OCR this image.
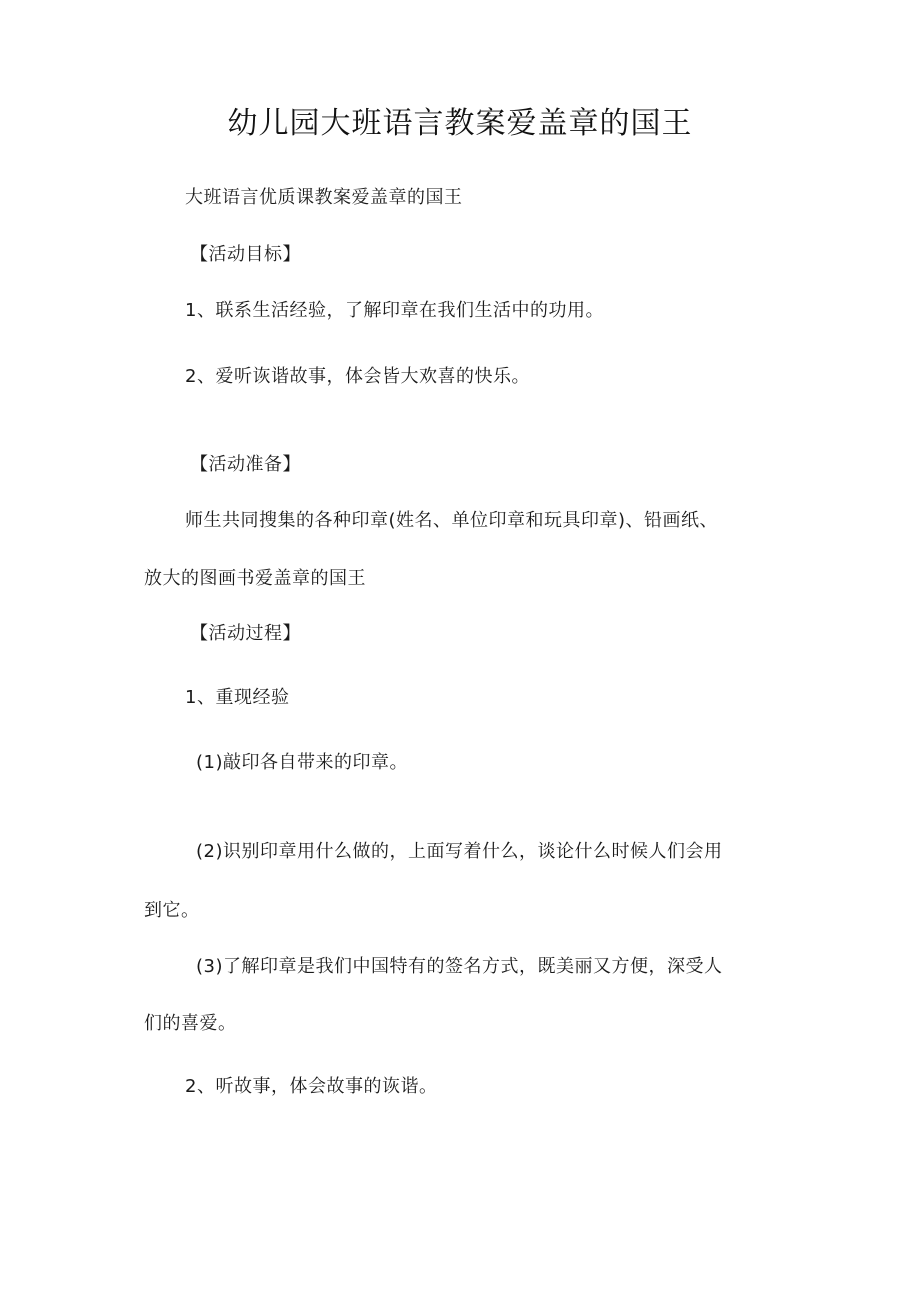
幼儿园大班语言教案爱盖章的国王
大班语言优质课教案爱盖章的国王
【活动目标】
1、联系生活经验，了解印章在我们生活中的功用。
2、爱听诙谐故事，体会皆大欢喜的快乐。
【活动准备】
师生共同搜集的各种印章(姓名、单位印章和玩具印章)、铅画纸、
放大的图画书爱盖章的国王
【活动过程】
1、重现经验
(1)敲印各自带来的印章。
(2)识别印章用什么做的，上面写着什么，谈论什么时候人们会用
到它。
(3)了解印章是我们中国特有的签名方式，既美丽又方便，深受人
们的喜爱。
2、听故事，体会故事的诙谐。
